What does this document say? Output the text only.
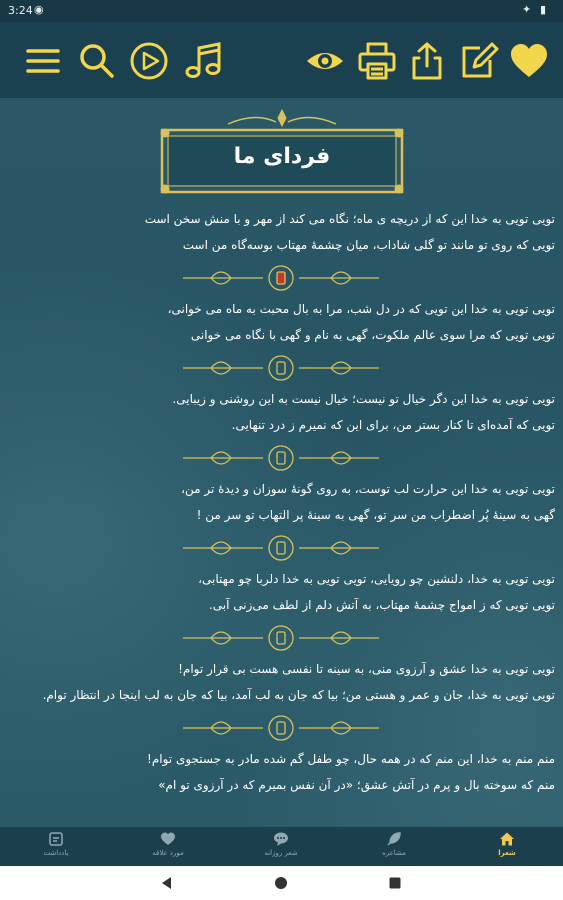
3:24 ◉	✦ ▮
فردای ما
تویی تویی به خدا این که از دریچه ی ماه؛ نگاه می کند از مهر و با منش سخن است
تویی که روی تو مانند تو گلی شاداب، میان چشمهٔ مهتاب بوسه‌گاه من است
تویی تویی به خدا این تویی که در دل شب، مرا به بال محبت به ماه می خوانی،
تویی تویی که مرا سوی عالم ملکوت، گهی به نام و گهی با نگاه می خوانی
تویی تویی به خدا این دگر خیال تو نیست؛ خیال نیست به این روشنی و زیبایی.
تویی که آمده‌ای تا کنار بستر من، برای این که نمیرم ز درد تنهایی.
تویی تویی به خدا این حرارت لب توست، به روی گونهٔ سوزان و دیدهٔ تر من،
گهی به سینهٔ پُر اضطراب من سر تو، گهی به سینهٔ پر التهاب تو سر من !
تویی تویی به خدا، دلنشین چو رویایی، تویی تویی به خدا دلربا چو مهتابی،
تویی تویی که ز امواج چشمهٔ مهتاب، به آتش دلم از لطف می‌زنی آبی.
تویی تویی به خدا عشق و آرزوی منی، به سینه تا نفسی هست بی قرار توام!
تویی تویی به خدا، جان و عمر و هستی من؛ بیا که جان به لب آمد، بیا که جان به لب اینجا در انتظار توام.
منم منم به خدا، این منم که در همه حال، چو طفل گم شده مادر به جستجوی توام!
منم که سوخته بال و پرم در آتش عشق؛ «در آن نفس بمیرم که در آرزوی تو ام»
یادداشت	مورد علاقه	شعر روزانه	مشاعره	شعرا
